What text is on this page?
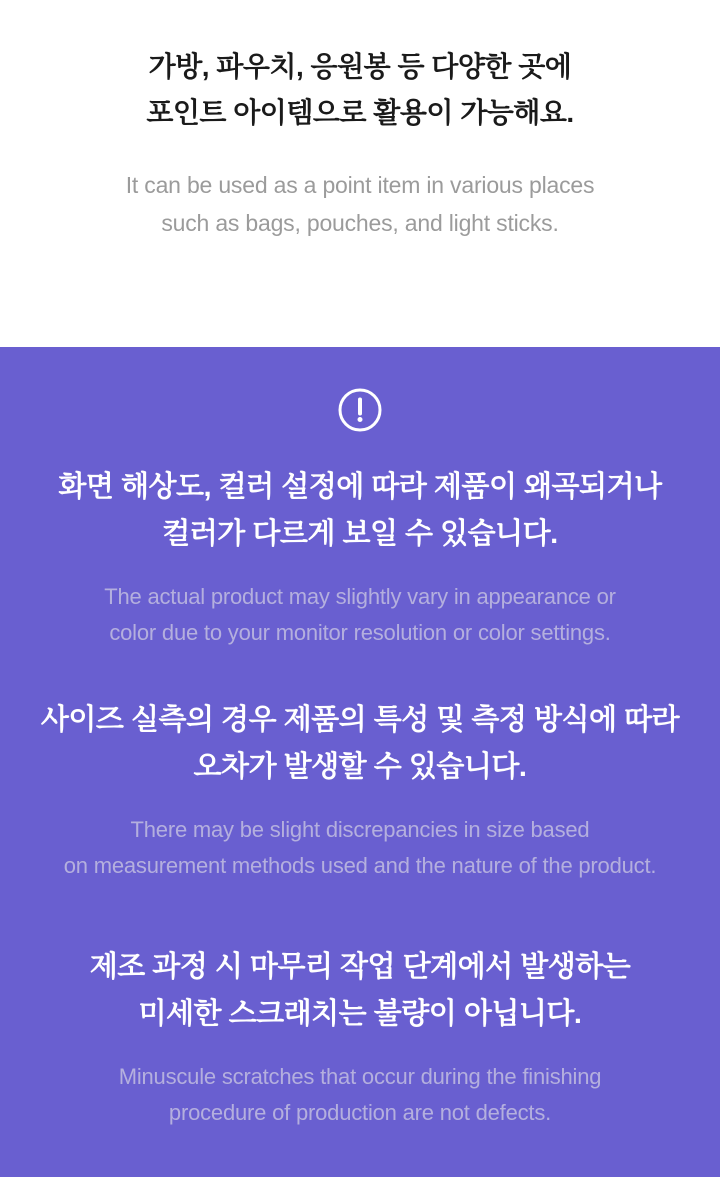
가방, 파우치, 응원봉 등 다양한 곳에
포인트 아이템으로 활용이 가능해요.

It can be used as a point item in various places
such as bags, pouches, and light sticks.

화면 해상도, 컬러 설정에 따라 제품이 왜곡되거나
컬러가 다르게 보일 수 있습니다.

The actual product may slightly vary in appearance or
color due to your monitor resolution or color settings.

사이즈 실측의 경우 제품의 특성 및 측정 방식에 따라
오차가 발생할 수 있습니다.

There may be slight discrepancies in size based
on measurement methods used and the nature of the product.

제조 과정 시 마무리 작업 단계에서 발생하는
미세한 스크래치는 불량이 아닙니다.

Minuscule scratches that occur during the finishing
procedure of production are not defects.
